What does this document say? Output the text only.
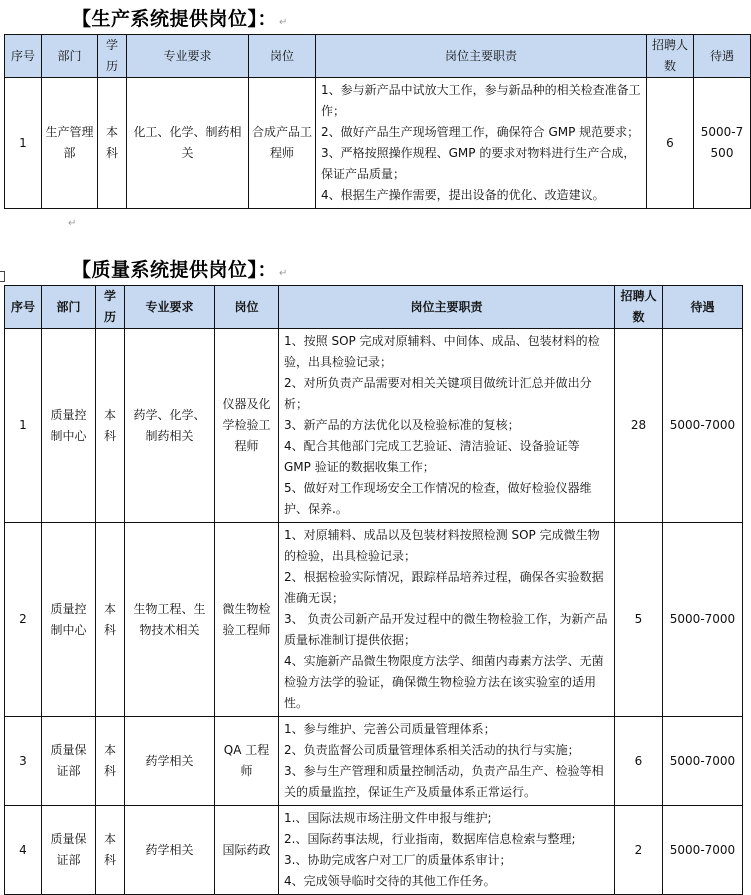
【生产系统提供岗位】： ↵
序号	部门	学历	专业要求	岗位	岗位主要职责	招聘人数	待遇
1	生产管理部	本科	化工、化学、制药相关	合成产品工程师	1、参与新产品中试放大工作，参与新品种的相关检查准备工作；
2、做好产品生产现场管理工作，确保符合 GMP 规范要求；
3、严格按照操作规程、GMP 的要求对物料进行生产合成，保证产品质量；
4、根据生产操作需要，提出设备的优化、改造建议。	6	5000-7500
↵
【质量系统提供岗位】： ↵
序号	部门	学历	专业要求	岗位	岗位主要职责	招聘人数	待遇
1	质量控制中心	本科	药学、化学、制药相关	仪器及化学检验工程师	1、按照 SOP 完成对原辅料、中间体、成品、包装材料的检验，出具检验记录；
2、对所负责产品需要对相关关键项目做统计汇总并做出分析；
3、新产品的方法优化以及检验标准的复核；
4、配合其他部门完成工艺验证、清洁验证、设备验证等 GMP 验证的数据收集工作；
5、做好对工作现场安全工作情况的检查，做好检验仪器维护、保养.。	28	5000-7000
2	质量控制中心	本科	生物工程、生物技术相关	微生物检验工程师	1、对原辅料、成品以及包装材料按照检测 SOP 完成微生物的检验，出具检验记录；
2、根据检验实际情况，跟踪样品培养过程，确保各实验数据准确无误；
3、 负责公司新产品开发过程中的微生物检验工作，为新产品质量标准制订提供依据；
4、实施新产品微生物限度方法学、细菌内毒素方法学、无菌检验方法学的验证，确保微生物检验方法在该实验室的适用性。	5	5000-7000
3	质量保证部	本科	药学相关	QA 工程师	1、参与维护、完善公司质量管理体系；
2、负责监督公司质量管理体系相关活动的执行与实施；
3、参与生产管理和质量控制活动，负责产品生产、检验等相关的质量监控，保证生产及质量体系正常运行。	6	5000-7000
4	质量保证部	本科	药学相关	国际药政	1.、国际法规市场注册文件申报与维护;
2.、国际药事法规，行业指南，数据库信息检索与整理;
3.、协助完成客户对工厂的质量体系审计；
4、完成领导临时交待的其他工作任务。	2	5000-7000
